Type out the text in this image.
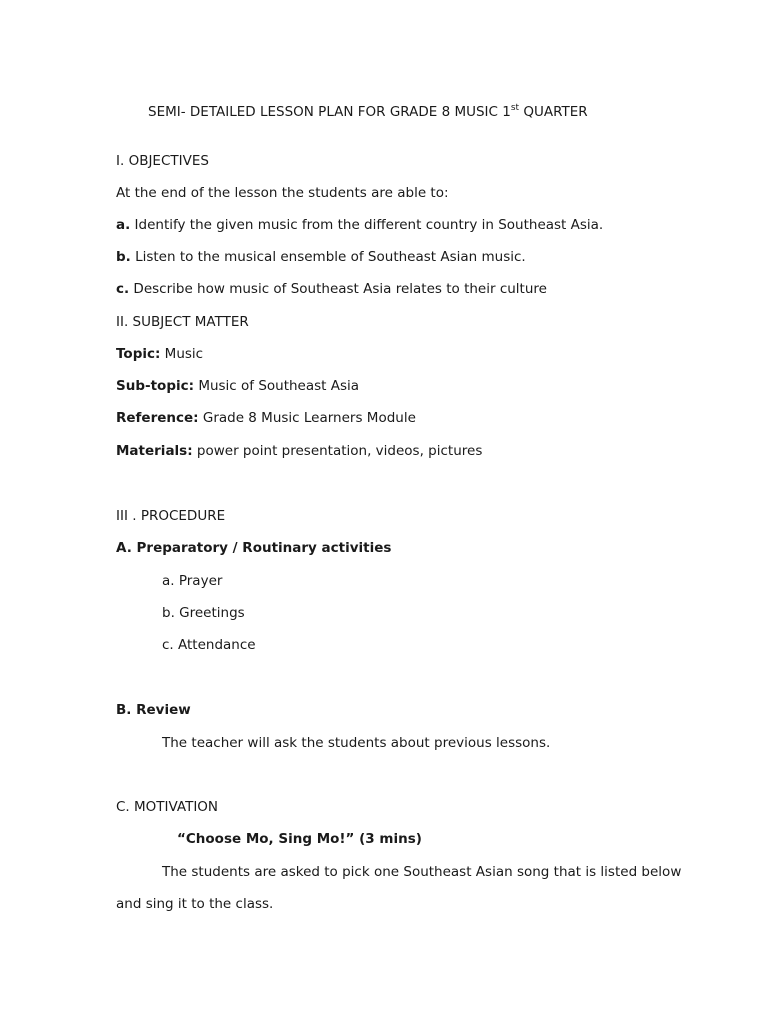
SEMI- DETAILED LESSON PLAN FOR GRADE 8 MUSIC 1st QUARTER
I. OBJECTIVES
At the end of the lesson the students are able to:
a. Identify the given music from the different country in Southeast Asia.
b. Listen to the musical ensemble of Southeast Asian music.
c. Describe how music of Southeast Asia relates to their culture
II. SUBJECT MATTER
Topic: Music
Sub-topic: Music of Southeast Asia
Reference: Grade 8 Music Learners Module
Materials: power point presentation, videos, pictures
III . PROCEDURE
A. Preparatory / Routinary activities
a. Prayer
b. Greetings
c. Attendance
B. Review
The teacher will ask the students about previous lessons.
C. MOTIVATION
“Choose Mo, Sing Mo!” (3 mins)
The students are asked to pick one Southeast Asian song that is listed below
and sing it to the class.
